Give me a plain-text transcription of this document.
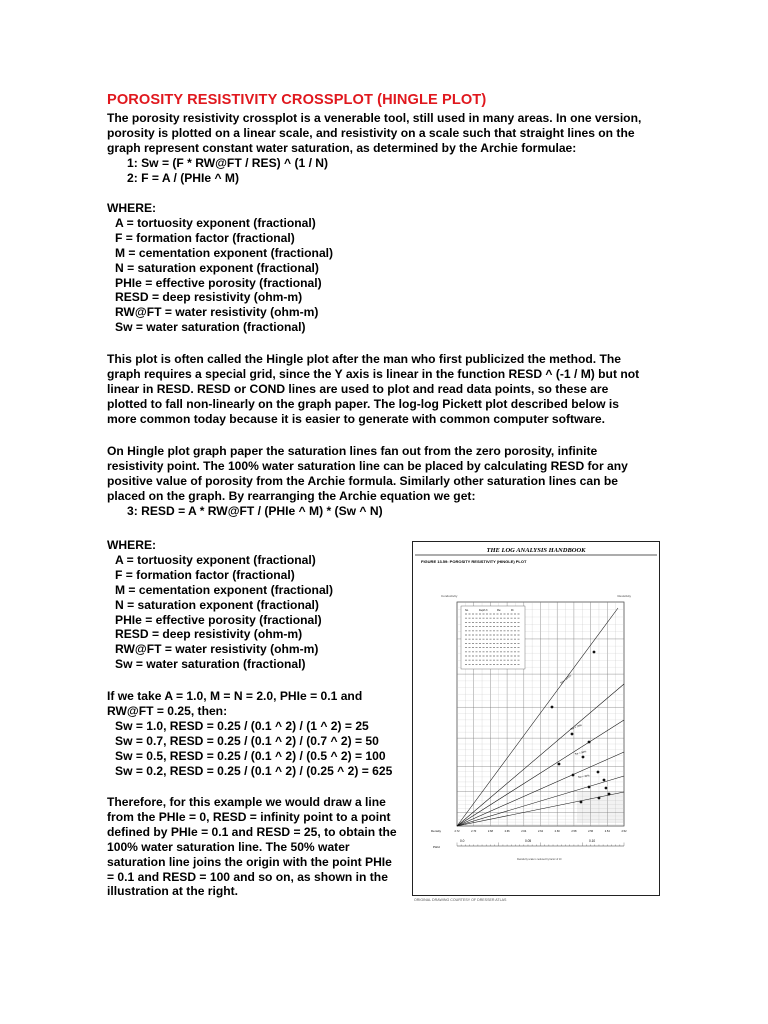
POROSITY RESISTIVITY CROSSPLOT (HINGLE PLOT)

The porosity resistivity crossplot is a venerable tool, still used in many areas. In one version,

porosity is plotted on a linear scale, and resistivity on a scale such that straight lines on the

graph represent constant water saturation, as determined by the Archie formulae:

1: Sw = (F * RW@FT / RES) ^ (1 / N)

2: F = A / (PHIe ^ M)

WHERE:

A = tortuosity exponent (fractional)

F = formation factor (fractional)

M = cementation exponent (fractional)

N = saturation exponent (fractional)

PHIe = effective porosity (fractional)

RESD = deep resistivity (ohm-m)

RW@FT = water resistivity (ohm-m)

Sw = water saturation (fractional)

This plot is often called the Hingle plot after the man who first publicized the method. The

graph requires a special grid, since the Y axis is linear in the function RESD ^ (-1 / M) but not

linear in RESD. RESD or COND lines are used to plot and read data points, so these are

plotted to fall non-linearly on the graph paper. The log-log Pickett plot described below is

more common today because it is easier to generate with common computer software.

On Hingle plot graph paper the saturation lines fan out from the zero porosity, infinite

resistivity point. The 100% water saturation line can be placed by calculating RESD for any

positive value of porosity from the Archie formula. Similarly other saturation lines can be

placed on the graph. By rearranging the Archie equation we get:

3: RESD = A * RW@FT / (PHIe ^ M) * (Sw ^ N)

WHERE:

A = tortuosity exponent (fractional)

F = formation factor (fractional)

M = cementation exponent (fractional)

N = saturation exponent (fractional)

PHIe = effective porosity (fractional)

RESD = deep resistivity (ohm-m)

RW@FT = water resistivity (ohm-m)

Sw = water saturation (fractional)

If we take A = 1.0, M = N = 2.0, PHIe = 0.1 and

RW@FT = 0.25, then:

Sw = 1.0, RESD = 0.25 / (0.1 ^ 2) / (1 ^ 2) = 25

Sw = 0.7, RESD = 0.25 / (0.1 ^ 2) / (0.7 ^ 2) = 50

Sw = 0.5, RESD = 0.25 / (0.1 ^ 2) / (0.5 ^ 2) = 100

Sw = 0.2, RESD = 0.25 / (0.1 ^ 2) / (0.25 ^ 2) = 625

Therefore, for this example we would draw a line

from the PHIe = 0, RESD = infinity point to a point

defined by PHIe = 0.1 and RESD = 25, to obtain the

100% water saturation line. The 50% water

saturation line joins the origin with the point PHIe

= 0.1 and RESD = 100 and so on, as shown in the

illustration at the right.

THE LOG ANALYSIS HANDBOOK
FIGURE 13.59: POROSITY RESISTIVITY (HINGLE) PLOT
Conductivity	Resistivity
No.	Depth ft	Rw	Rt
Sw = 100%
Sw = 70%
Sw = 50%
Sw = 30%
Density	2.72	2.70	2.68	2.66	2.64	2.62	2.60	2.58	2.56	2.54	2.52
PHId
0.0	0.05	0.10
Resistivity scale is reduced by factor of 10
ORIGINAL DRAWING COURTESY OF DRESSER ATLAS
